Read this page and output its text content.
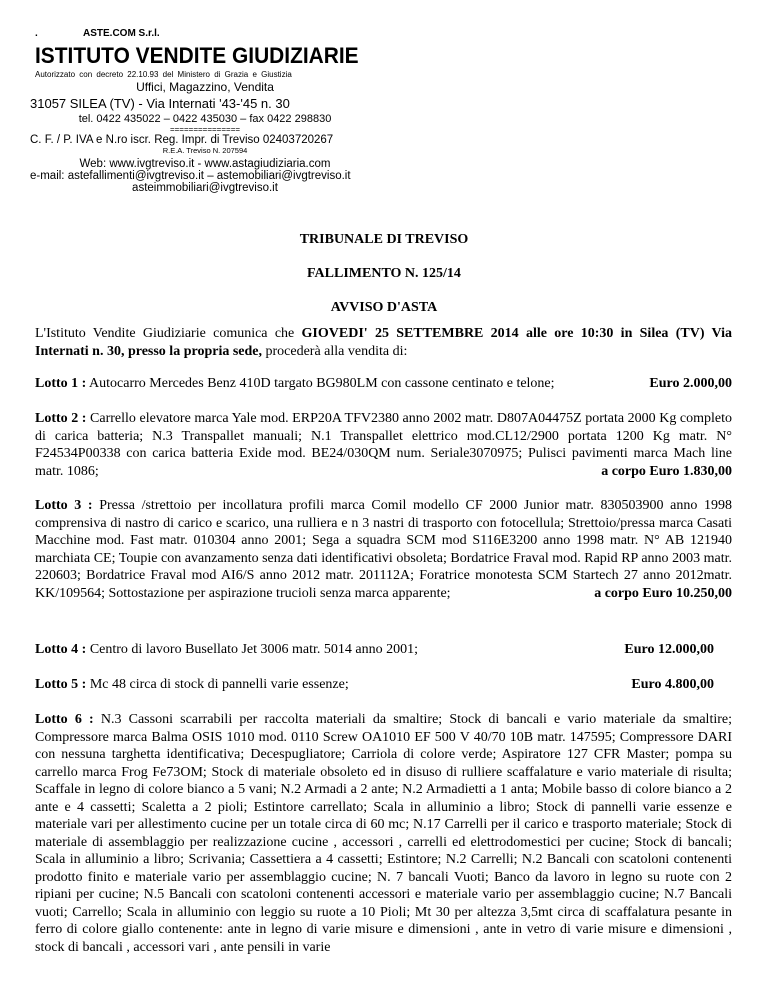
.	ASTE.COM S.r.l.
ISTITUTO VENDITE GIUDIZIARIE
Autorizzato con decreto 22.10.93 del Ministero di Grazia e Giustizia
Uffici, Magazzino, Vendita
31057 SILEA (TV) - Via Internati '43-'45 n. 30
tel. 0422 435022 – 0422 435030 – fax 0422 298830
===============
C. F. / P. IVA e N.ro iscr. Reg. Impr. di Treviso 02403720267
R.E.A. Treviso N. 207594
Web: www.ivgtreviso.it - www.astagiudiziaria.com
e-mail: astefallimenti@ivgtreviso.it – astemobiliari@ivgtreviso.it
asteimmobiliari@ivgtreviso.it
TRIBUNALE DI TREVISO
FALLIMENTO N. 125/14
AVVISO D'ASTA
L'Istituto Vendite Giudiziarie comunica che GIOVEDI' 25 SETTEMBRE 2014 alle ore 10:30 in Silea (TV) Via Internati n. 30, presso la propria sede, procederà alla vendita di:
Lotto 1 : Autocarro Mercedes Benz 410D targato BG980LM con cassone centinato e telone;	Euro 2.000,00
Lotto 2 : Carrello elevatore marca Yale mod. ERP20A TFV2380 anno 2002 matr. D807A04475Z portata 2000 Kg completo di carica batteria; N.3 Transpallet manuali; N.1 Transpallet elettrico mod.CL12/2900 portata 1200 Kg matr. N° F24534P00338 con carica batteria Exide mod. BE24/030QM num. Seriale3070975; Pulisci pavimenti marca Mach line matr. 1086;	a corpo Euro 1.830,00
Lotto 3 : Pressa /strettoio per incollatura profili marca Comil modello CF 2000 Junior matr. 830503900 anno 1998 comprensiva di nastro di carico e scarico, una rulliera e n 3 nastri di trasporto con fotocellula; Strettoio/pressa marca Casati Macchine mod. Fast matr. 010304 anno 2001; Sega a squadra SCM mod S116E3200 anno 1998 matr. N° AB 121940 marchiata CE; Toupie con avanzamento senza dati identificativi obsoleta; Bordatrice Fraval mod. Rapid RP anno 2003 matr. 220603; Bordatrice Fraval mod AI6/S anno 2012 matr. 201112A; Foratrice monotesta SCM Startech 27 anno 2012matr. KK/109564; Sottostazione per aspirazione trucioli senza marca apparente;	a corpo Euro 10.250,00
Lotto 4 : Centro di lavoro Busellato Jet 3006 matr. 5014 anno 2001;	Euro 12.000,00
Lotto 5 : Mc 48 circa di stock di pannelli varie essenze;	Euro 4.800,00
Lotto 6 : N.3 Cassoni scarrabili per raccolta materiali da smaltire; Stock di bancali e vario materiale da smaltire; Compressore marca Balma OSIS 1010 mod. 0110 Screw OA1010 EF 500 V 40/70 10B matr. 147595; Compressore DARI con nessuna targhetta identificativa; Decespugliatore; Carriola di colore verde; Aspiratore 127 CFR Master; pompa su carrello marca Frog Fe73OM; Stock di materiale obsoleto ed in disuso di rulliere scaffalature e vario materiale di risulta; Scaffale in legno di colore bianco a 5 vani; N.2 Armadi a 2 ante; N.2 Armadietti a 1 anta; Mobile basso di colore bianco a 2 ante e 4 cassetti; Scaletta a 2 pioli; Estintore carrellato; Scala in alluminio a libro; Stock di pannelli varie essenze e materiale vari per allestimento cucine per un totale circa di 60 mc; N.17 Carrelli per il carico e trasporto materiale; Stock di materiale di assemblaggio per realizzazione cucine , accessori , carrelli ed elettrodomestici per cucine; Stock di bancali; Scala in alluminio a libro; Scrivania; Cassettiera a 4 cassetti; Estintore; N.2 Carrelli; N.2 Bancali con scatoloni contenenti prodotto finito e materiale vario per assemblaggio cucine; N. 7 bancali Vuoti; Banco da lavoro in legno su ruote con 2 ripiani per cucine; N.5 Bancali con scatoloni contenenti accessori e materiale vario per assemblaggio cucine; N.7 Bancali vuoti; Carrello; Scala in alluminio con leggio su ruote a 10 Pioli; Mt 30 per altezza 3,5mt circa di scaffalatura pesante in ferro di colore giallo contenente: ante in legno di varie misure e dimensioni , ante in vetro di varie misure e dimensioni , stock di bancali , accessori vari , ante pensili in varie
